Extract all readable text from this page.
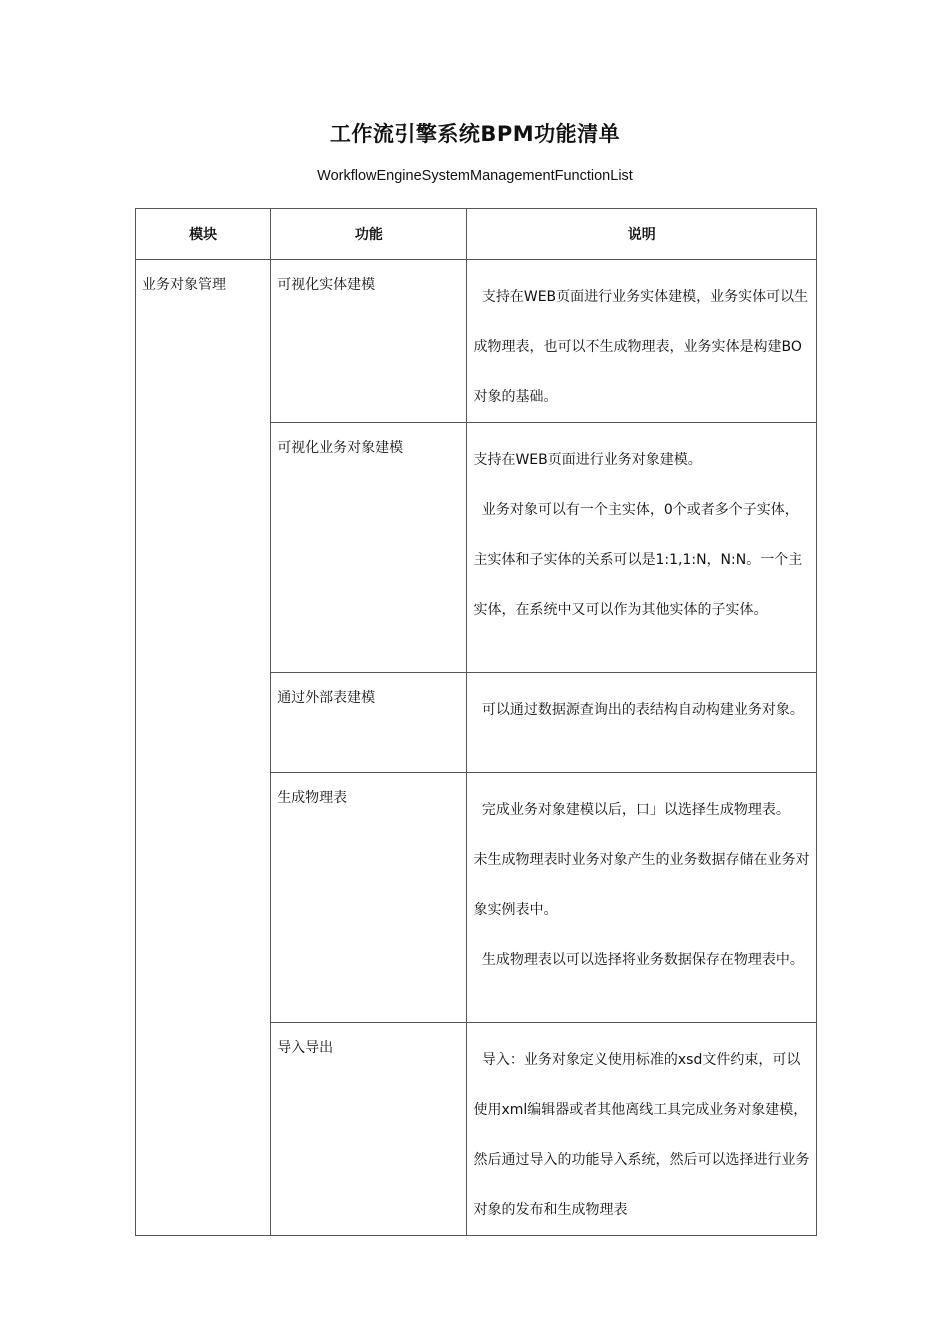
工作流引擎系统BPM功能清单
WorkflowEngineSystemManagementFunctionList
模块	功能	说明

业务对象管理	可视化实体建模	支持在WEB页面进行业务实体建模，业务实体可以生成物理表，也可以不生成物理表，业务实体是构建BO对象的基础。

	可视化业务对象建模	支持在WEB页面进行业务对象建模。

业务对象可以有一个主实体，0个或者多个子实体，

主实体和子实体的关系可以是1:1,1:N，N:N。一个主实体，在系统中又可以作为其他实体的子实体。

	通过外部表建模	可以通过数据源查询出的表结构自动构建业务对象。

	生成物理表	完成业务对象建模以后，口」以选择生成物理表。

未生成物理表时业务对象产生的业务数据存储在业务对象实例表中。

生成物理表以可以选择将业务数据保存在物理表中。

	导入导出	导入：业务对象定义使用标准的xsd文件约束，可以使用xml编辑器或者其他离线工具完成业务对象建模，然后通过导入的功能导入系统，然后可以选择进行业务对象的发布和生成物理表
